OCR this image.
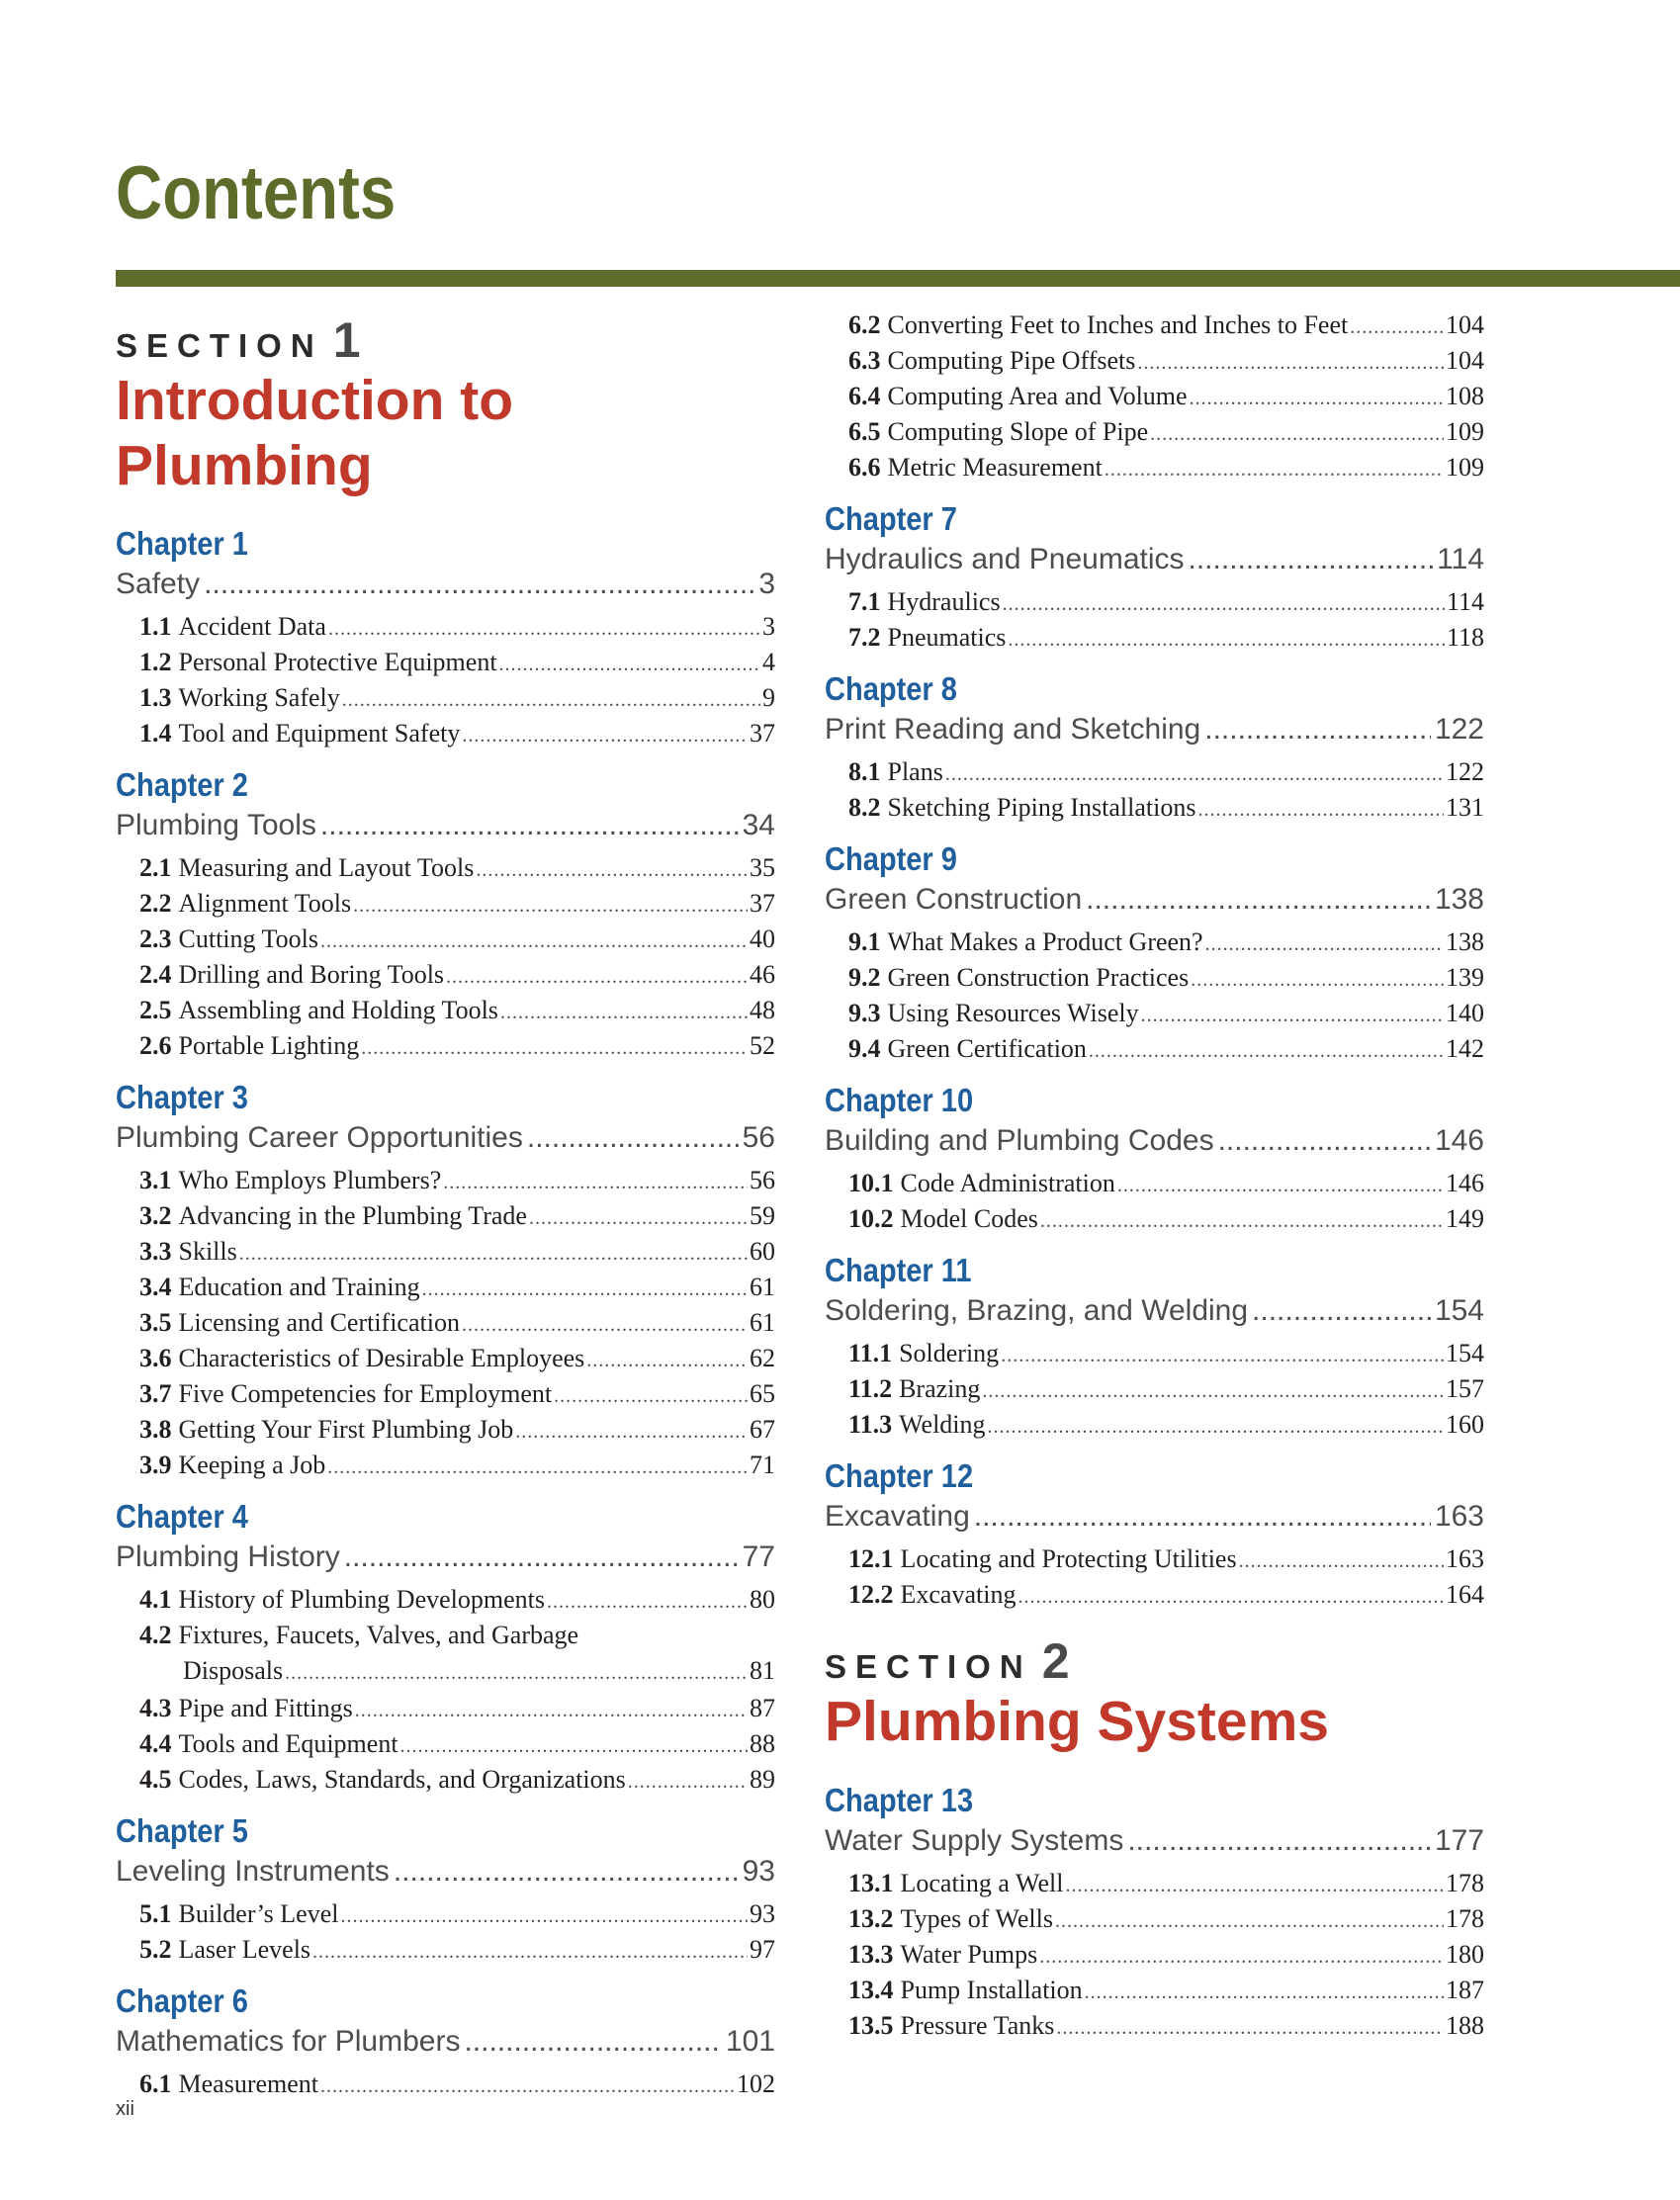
Contents
SECTION 1
Introduction to Plumbing
Chapter 1
Safety .....	3
1.1 Accident Data .....	3
1.2 Personal Protective Equipment .....	4
1.3 Working Safely .....	9
1.4 Tool and Equipment Safety .....	37
Chapter 2
Plumbing Tools .....	34
2.1 Measuring and Layout Tools .....	35
2.2 Alignment Tools .....	37
2.3 Cutting Tools .....	40
2.4 Drilling and Boring Tools .....	46
2.5 Assembling and Holding Tools .....	48
2.6 Portable Lighting .....	52
Chapter 3
Plumbing Career Opportunities .....	56
3.1 Who Employs Plumbers? .....	56
3.2 Advancing in the Plumbing Trade .....	59
3.3 Skills .....	60
3.4 Education and Training .....	61
3.5 Licensing and Certification .....	61
3.6 Characteristics of Desirable Employees .....	62
3.7 Five Competencies for Employment .....	65
3.8 Getting Your First Plumbing Job .....	67
3.9 Keeping a Job .....	71
Chapter 4
Plumbing History .....	77
4.1 History of Plumbing Developments .....	80
4.2 Fixtures, Faucets, Valves, and Garbage
Disposals .....	81
4.3 Pipe and Fittings .....	87
4.4 Tools and Equipment .....	88
4.5 Codes, Laws, Standards, and Organizations .....	89
Chapter 5
Leveling Instruments .....	93
5.1 Builder’s Level .....	93
5.2 Laser Levels .....	97
Chapter 6
Mathematics for Plumbers .....	101
6.1 Measurement .....	102
6.2 Converting Feet to Inches and Inches to Feet .....	104
6.3 Computing Pipe Offsets .....	104
6.4 Computing Area and Volume .....	108
6.5 Computing Slope of Pipe .....	109
6.6 Metric Measurement .....	109
Chapter 7
Hydraulics and Pneumatics .....	114
7.1 Hydraulics .....	114
7.2 Pneumatics .....	118
Chapter 8
Print Reading and Sketching .....	122
8.1 Plans .....	122
8.2 Sketching Piping Installations .....	131
Chapter 9
Green Construction .....	138
9.1 What Makes a Product Green? .....	138
9.2 Green Construction Practices .....	139
9.3 Using Resources Wisely .....	140
9.4 Green Certification .....	142
Chapter 10
Building and Plumbing Codes .....	146
10.1 Code Administration .....	146
10.2 Model Codes .....	149
Chapter 11
Soldering, Brazing, and Welding .....	154
11.1 Soldering .....	154
11.2 Brazing .....	157
11.3 Welding .....	160
Chapter 12
Excavating .....	163
12.1 Locating and Protecting Utilities .....	163
12.2 Excavating .....	164
SECTION 2
Plumbing Systems
Chapter 13
Water Supply Systems .....	177
13.1 Locating a Well .....	178
13.2 Types of Wells .....	178
13.3 Water Pumps .....	180
13.4 Pump Installation .....	187
13.5 Pressure Tanks .....	188
xii
